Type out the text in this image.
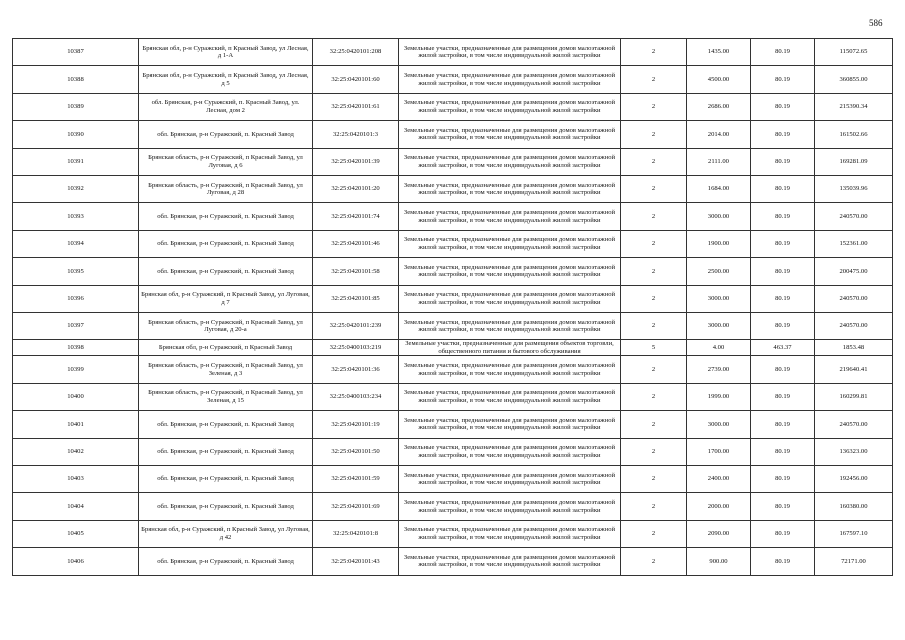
586
10387	Брянская обл, р-н Суражский, п Красный Завод, ул Лесная, д 1-А	32:25:0420101:208	Земельные участки, предназначенные для размещения домов малоэтажной жилой застройки, в том числе индивидуальной жилой застройки	2	1435.00	80.19	115072.65
10388	Брянская обл, р-н Суражский, п Красный Завод, ул Лесная, д 5	32:25:0420101:60	Земельные участки, предназначенные для размещения домов малоэтажной жилой застройки, в том числе индивидуальной жилой застройки	2	4500.00	80.19	360855.00
10389	обл. Брянская, р-н Суражский, п. Красный Завод, ул. Лесная, дом 2	32:25:0420101:61	Земельные участки, предназначенные для размещения домов малоэтажной жилой застройки, в том числе индивидуальной жилой застройки	2	2686.00	80.19	215390.34
10390	обл. Брянская, р-н Суражский, п. Красный Завод	32:25:0420101:3	Земельные участки, предназначенные для размещения домов малоэтажной жилой застройки, в том числе индивидуальной жилой застройки	2	2014.00	80.19	161502.66
10391	Брянская область, р-н Суражский, п Красный Завод, ул Луговая, д 6	32:25:0420101:39	Земельные участки, предназначенные для размещения домов малоэтажной жилой застройки, в том числе индивидуальной жилой застройки	2	2111.00	80.19	169281.09
10392	Брянская область, р-н Суражский, п Красный Завод, ул Луговая, д 28	32:25:0420101:20	Земельные участки, предназначенные для размещения домов малоэтажной жилой застройки, в том числе индивидуальной жилой застройки	2	1684.00	80.19	135039.96
10393	обл. Брянская, р-н Суражский, п. Красный Завод	32:25:0420101:74	Земельные участки, предназначенные для размещения домов малоэтажной жилой застройки, в том числе индивидуальной жилой застройки	2	3000.00	80.19	240570.00
10394	обл. Брянская, р-н Суражский, п. Красный Завод	32:25:0420101:46	Земельные участки, предназначенные для размещения домов малоэтажной жилой застройки, в том числе индивидуальной жилой застройки	2	1900.00	80.19	152361.00
10395	обл. Брянская, р-н Суражский, п. Красный Завод	32:25:0420101:58	Земельные участки, предназначенные для размещения домов малоэтажной жилой застройки, в том числе индивидуальной жилой застройки	2	2500.00	80.19	200475.00
10396	Брянская обл, р-н Суражский, п Красный Завод, ул Луговая, д 7	32:25:0420101:85	Земельные участки, предназначенные для размещения домов малоэтажной жилой застройки, в том числе индивидуальной жилой застройки	2	3000.00	80.19	240570.00
10397	Брянская область, р-н Суражский, п Красный Завод, ул Луговая, д 20-а	32:25:0420101:239	Земельные участки, предназначенные для размещения домов малоэтажной жилой застройки, в том числе индивидуальной жилой застройки	2	3000.00	80.19	240570.00
10398	Брянская обл, р-н Суражский, п Красный Завод	32:25:0400103:219	Земельные участки, предназначенные для размещения объектов торговли, общественного питания и бытового обслуживания	5	4.00	463.37	1853.48
10399	Брянская область, р-н Суражский, п Красный Завод, ул Зеленая, д 3	32:25:0420101:36	Земельные участки, предназначенные для размещения домов малоэтажной жилой застройки, в том числе индивидуальной жилой застройки	2	2739.00	80.19	219640.41
10400	Брянская область, р-н Суражский, п Красный Завод, ул Зеленая, д 15	32:25:0400103:234	Земельные участки, предназначенные для размещения домов малоэтажной жилой застройки, в том числе индивидуальной жилой застройки	2	1999.00	80.19	160299.81
10401	обл. Брянская, р-н Суражский, п. Красный Завод	32:25:0420101:19	Земельные участки, предназначенные для размещения домов малоэтажной жилой застройки, в том числе индивидуальной жилой застройки	2	3000.00	80.19	240570.00
10402	обл. Брянская, р-н Суражский, п. Красный Завод	32:25:0420101:50	Земельные участки, предназначенные для размещения домов малоэтажной жилой застройки, в том числе индивидуальной жилой застройки	2	1700.00	80.19	136323.00
10403	обл. Брянская, р-н Суражский, п. Красный Завод	32:25:0420101:59	Земельные участки, предназначенные для размещения домов малоэтажной жилой застройки, в том числе индивидуальной жилой застройки	2	2400.00	80.19	192456.00
10404	обл. Брянская, р-н Суражский, п. Красный Завод	32:25:0420101:69	Земельные участки, предназначенные для размещения домов малоэтажной жилой застройки, в том числе индивидуальной жилой застройки	2	2000.00	80.19	160380.00
10405	Брянская обл, р-н Суражский, п Красный Завод, ул Луговая, д 42	32:25:0420101:8	Земельные участки, предназначенные для размещения домов малоэтажной жилой застройки, в том числе индивидуальной жилой застройки	2	2090.00	80.19	167597.10
10406	обл. Брянская, р-н Суражский, п. Красный Завод	32:25:0420101:43	Земельные участки, предназначенные для размещения домов малоэтажной жилой застройки, в том числе индивидуальной жилой застройки	2	900.00	80.19	72171.00
